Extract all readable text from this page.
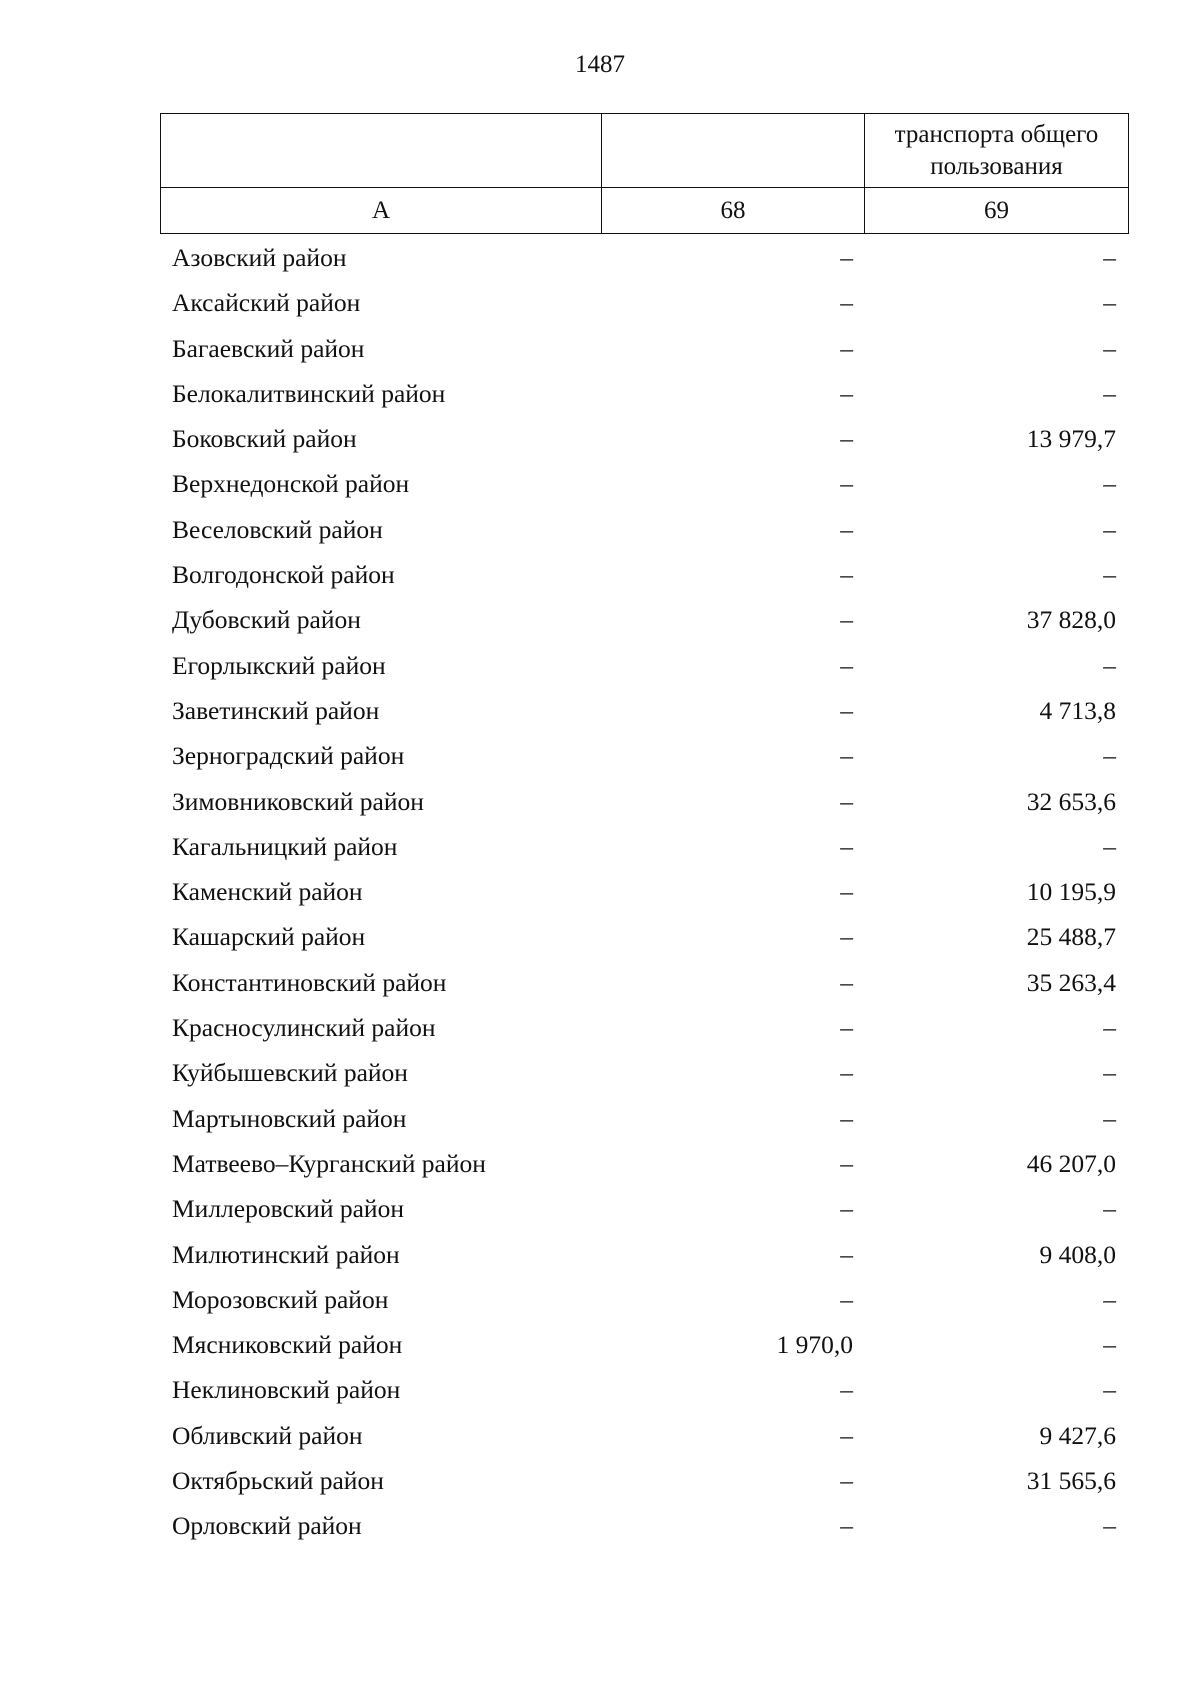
1487
		транспорта общего пользования
А	68	69
Азовский район	–	–
Аксайский район	–	–
Багаевский район	–	–
Белокалитвинский район	–	–
Боковский район	–	13 979,7
Верхнедонской район	–	–
Веселовский район	–	–
Волгодонской район	–	–
Дубовский район	–	37 828,0
Егорлыкский район	–	–
Заветинский район	–	4 713,8
Зерноградский район	–	–
Зимовниковский район	–	32 653,6
Кагальницкий район	–	–
Каменский район	–	10 195,9
Кашарский район	–	25 488,7
Константиновский район	–	35 263,4
Красносулинский район	–	–
Куйбышевский район	–	–
Мартыновский район	–	–
Матвеево–Курганский район	–	46 207,0
Миллеровский район	–	–
Милютинский район	–	9 408,0
Морозовский район	–	–
Мясниковский район	1 970,0	–
Неклиновский район	–	–
Обливский район	–	9 427,6
Октябрьский район	–	31 565,6
Орловский район	–	–
